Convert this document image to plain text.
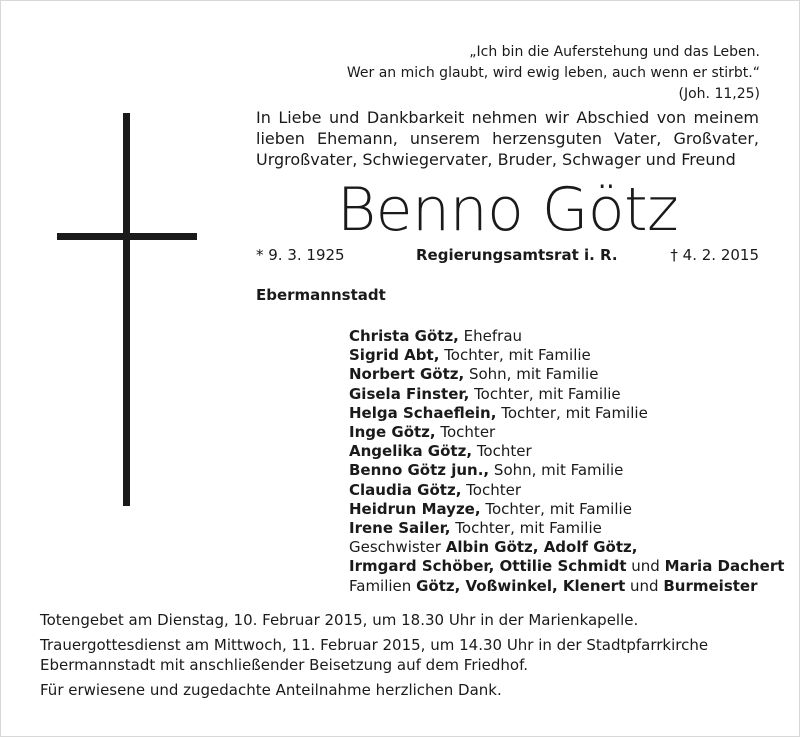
„Ich bin die Auferstehung und das Leben.
Wer an mich glaubt, wird ewig leben, auch wenn er stirbt.“
(Joh. 11,25)
In Liebe und Dankbarkeit nehmen wir Abschied von meinem lieben Ehemann, unserem herzensguten Vater, Großvater, Urgroßvater, Schwiegervater, Bruder, Schwager und Freund
Benno Götz
* 9. 3. 1925	Regierungsamtsrat i. R.	† 4. 2. 2015
Ebermannstadt
Christa Götz, Ehefrau
Sigrid Abt, Tochter, mit Familie
Norbert Götz, Sohn, mit Familie
Gisela Finster, Tochter, mit Familie
Helga Schaeflein, Tochter, mit Familie
Inge Götz, Tochter
Angelika Götz, Tochter
Benno Götz jun., Sohn, mit Familie
Claudia Götz, Tochter
Heidrun Mayze, Tochter, mit Familie
Irene Sailer, Tochter, mit Familie
Geschwister Albin Götz, Adolf Götz,
Irmgard Schöber, Ottilie Schmidt und Maria Dachert
Familien Götz, Voßwinkel, Klenert und Burmeister
Totengebet am Dienstag, 10. Februar 2015, um 18.30 Uhr in der Marienkapelle.
Trauergottesdienst am Mittwoch, 11. Februar 2015, um 14.30 Uhr in der Stadtpfarrkirche
Ebermannstadt mit anschließender Beisetzung auf dem Friedhof.
Für erwiesene und zugedachte Anteilnahme herzlichen Dank.
